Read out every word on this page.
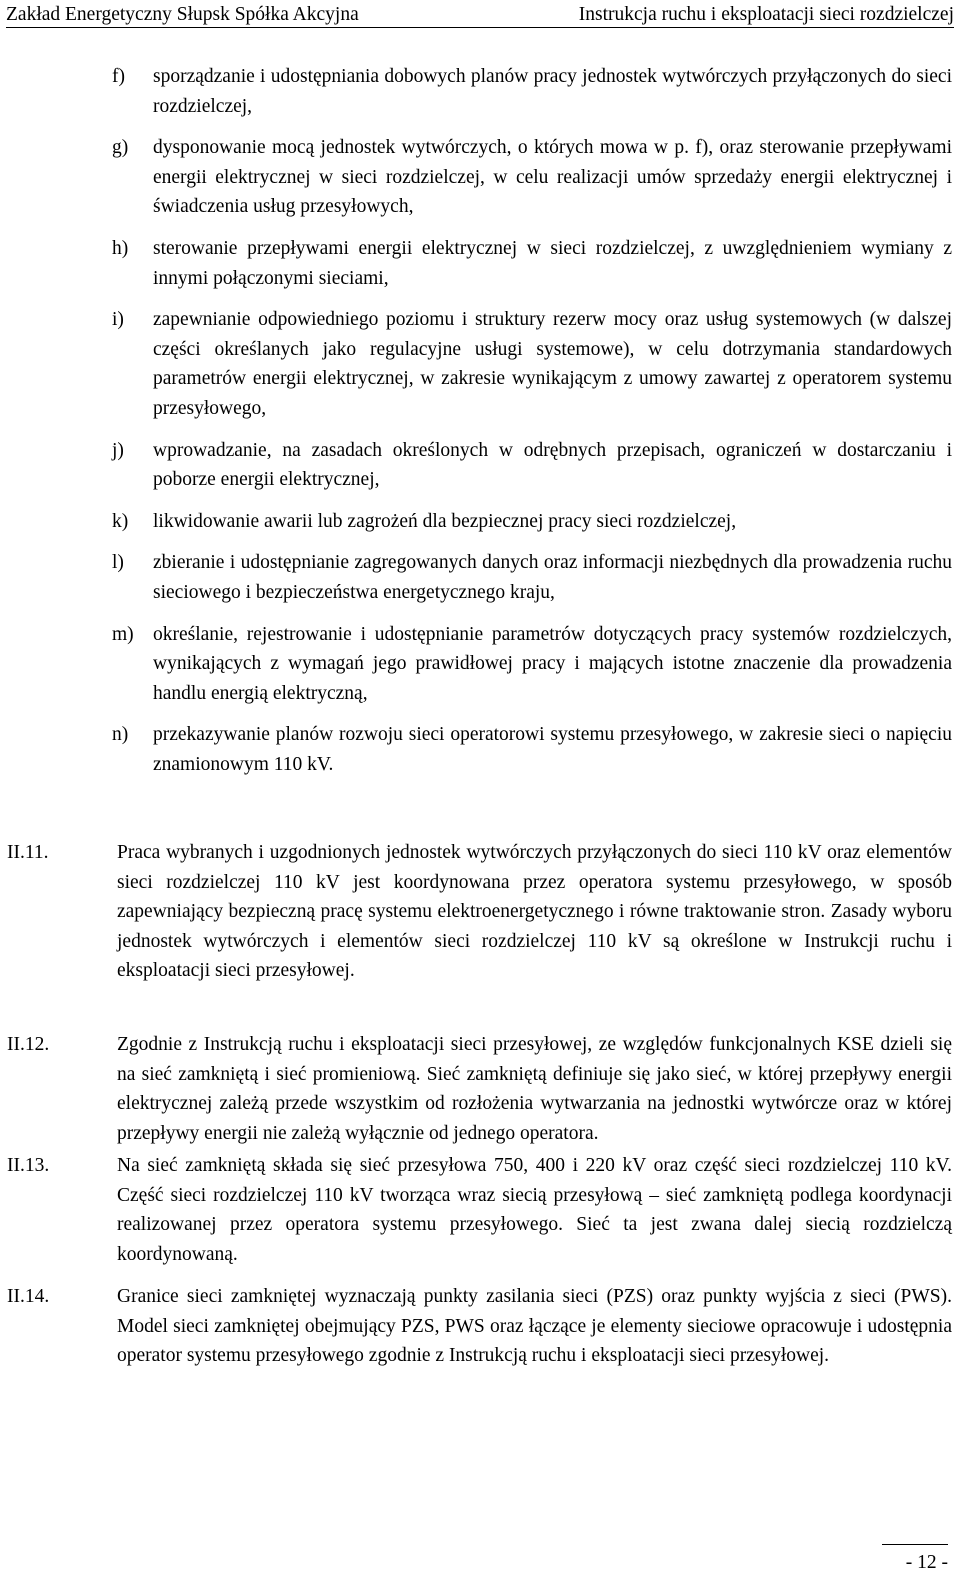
Zakład Energetyczny Słupsk Spółka Akcyjna	Instrukcja ruchu i eksploatacji sieci rozdzielczej
f) sporządzanie i udostępniania dobowych planów pracy jednostek wytwórczych przyłączonych do sieci rozdzielczej,
g) dysponowanie mocą jednostek wytwórczych, o których mowa w p. f), oraz sterowanie przepływami energii elektrycznej w sieci rozdzielczej, w celu realizacji umów sprzedaży energii elektrycznej i świadczenia usług przesyłowych,
h) sterowanie przepływami energii elektrycznej w sieci rozdzielczej, z uwzględnieniem wymiany z innymi połączonymi sieciami,
i) zapewnianie odpowiedniego poziomu i struktury rezerw mocy oraz usług systemowych (w dalszej części określanych jako regulacyjne usługi systemowe), w celu dotrzymania standardowych parametrów energii elektrycznej, w zakresie wynikającym z umowy zawartej z operatorem systemu przesyłowego,
j) wprowadzanie, na zasadach określonych w odrębnych przepisach, ograniczeń w dostarczaniu i poborze energii elektrycznej,
k) likwidowanie awarii lub zagrożeń dla bezpiecznej pracy sieci rozdzielczej,
l) zbieranie i udostępnianie zagregowanych danych oraz informacji niezbędnych dla prowadzenia ruchu sieciowego i bezpieczeństwa energetycznego kraju,
m) określanie, rejestrowanie i udostępnianie parametrów dotyczących pracy systemów rozdzielczych, wynikających z wymagań jego prawidłowej pracy i mających istotne znaczenie dla prowadzenia handlu energią elektryczną,
n) przekazywanie planów rozwoju sieci operatorowi systemu przesyłowego, w zakresie sieci o napięciu znamionowym 110 kV.
II.11.	Praca wybranych i uzgodnionych jednostek wytwórczych przyłączonych do sieci 110 kV oraz elementów sieci rozdzielczej 110 kV jest koordynowana przez operatora systemu przesyłowego, w sposób zapewniający bezpieczną pracę systemu elektroenergetycznego i równe traktowanie stron. Zasady wyboru jednostek wytwórczych i elementów sieci rozdzielczej 110 kV są określone w Instrukcji ruchu i eksploatacji sieci przesyłowej.
II.12.	Zgodnie z Instrukcją ruchu i eksploatacji sieci przesyłowej, ze względów funkcjonalnych KSE dzieli się na sieć zamkniętą i sieć promieniową. Sieć zamkniętą definiuje się jako sieć, w której przepływy energii elektrycznej zależą przede wszystkim od rozłożenia wytwarzania na jednostki wytwórcze oraz w której przepływy energii nie zależą wyłącznie od jednego operatora.
II.13.	Na sieć zamkniętą składa się sieć przesyłowa 750, 400 i 220 kV oraz część sieci rozdzielczej 110 kV. Część sieci rozdzielczej 110 kV tworząca wraz siecią przesyłową – sieć zamkniętą podlega koordynacji realizowanej przez operatora systemu przesyłowego. Sieć ta jest zwana dalej siecią rozdzielczą koordynowaną.
II.14.	Granice sieci zamkniętej wyznaczają punkty zasilania sieci (PZS) oraz punkty wyjścia z sieci (PWS). Model sieci zamkniętej obejmujący PZS, PWS oraz łączące je elementy sieciowe opracowuje i udostępnia operator systemu przesyłowego zgodnie z Instrukcją ruchu i eksploatacji sieci przesyłowej.
- 12 -
